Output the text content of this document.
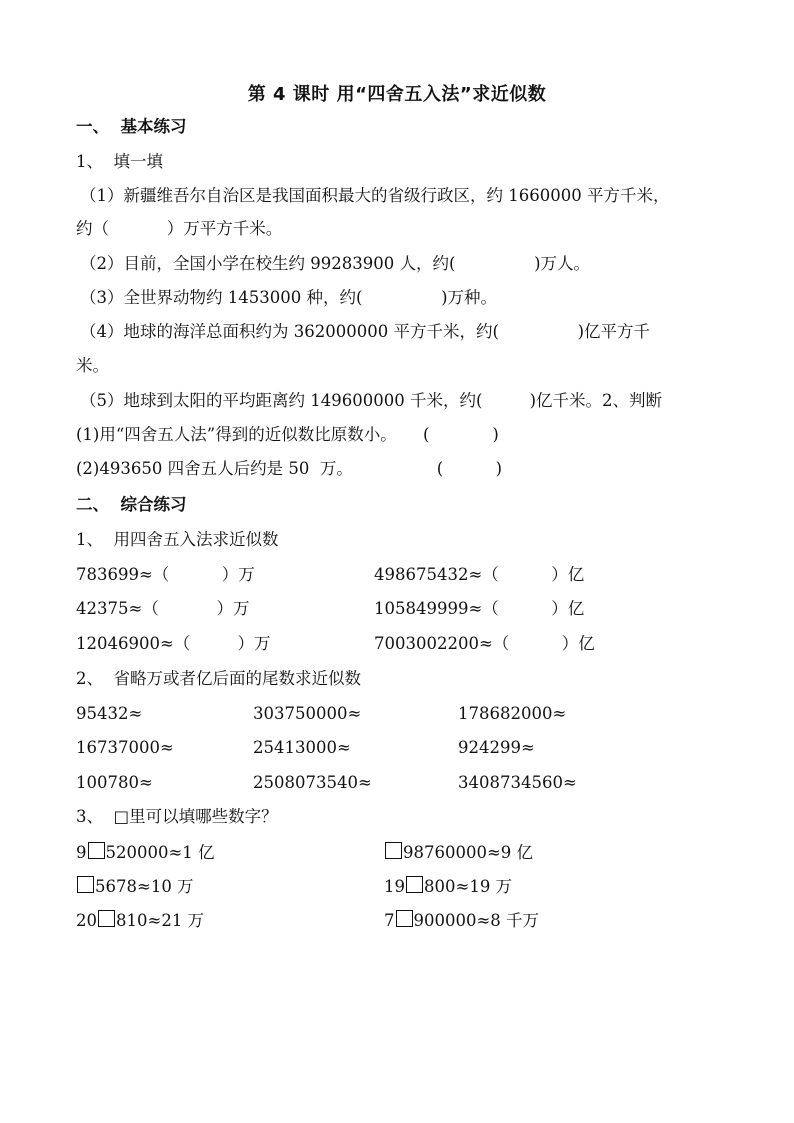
第 4 课时 用“四舍五入法”求近似数
一、  基本练习
1、  填一填
（1）新疆维吾尔自治区是我国面积最大的省级行政区，约 1660000 平方千米，
约（           ）万平方千米。
（2）目前，全国小学在校生约 99283900 人，约(               )万人。
（3）全世界动物约 1453000 种，约(               )万种。
（4）地球的海洋总面积约为 362000000 平方千米，约(               )亿平方千
米。
（5）地球到太阳的平均距离约 149600000 千米，约(         )亿千米。2、判断
(1)用“四舍五人法”得到的近似数比原数小。     (            )
(2)493650 四舍五人后约是 50  万。                (          )
二、  综合练习
1、  用四舍五入法求近似数
783699≈（          ）万	498675432≈（          ）亿
42375≈（           ）万	105849999≈（          ）亿
12046900≈（         ）万	7003002200≈（          ）亿
2、  省略万或者亿后面的尾数求近似数
95432≈	303750000≈	178682000≈
16737000≈	25413000≈	924299≈
100780≈	2508073540≈	3408734560≈
3、  □里可以填哪些数字？
9 520000≈1 亿	98760000≈9 亿
5678≈10 万	19 800≈19 万
20 810≈21 万	7 900000≈8 千万
